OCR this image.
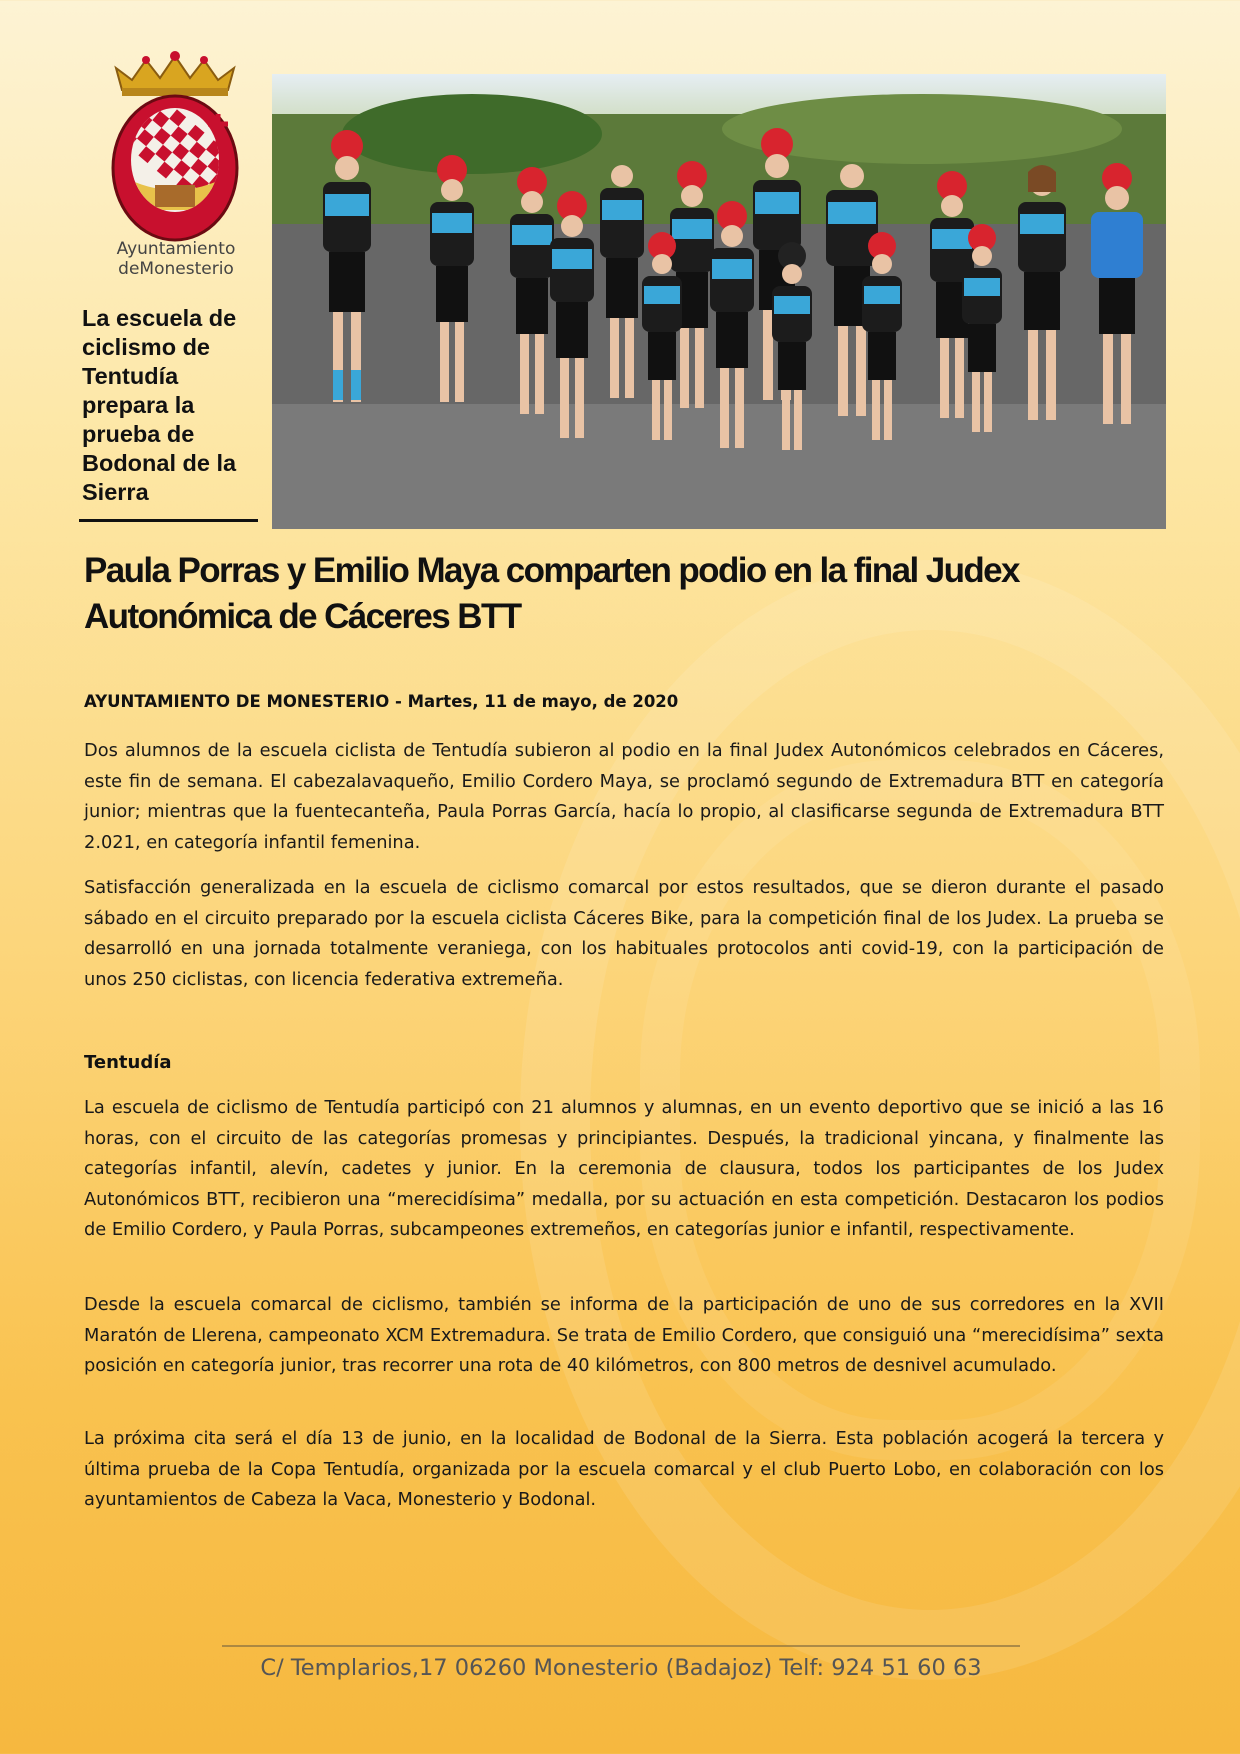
Ayuntamiento
deMonesterio
La escuela de ciclismo de Tentudía prepara la prueba de Bodonal de la Sierra
Paula Porras y Emilio Maya comparten podio en la final Judex Autonómica de Cáceres BTT
AYUNTAMIENTO DE MONESTERIO - Martes, 11 de mayo, de 2020

Dos alumnos de la escuela ciclista de Tentudía subieron al podio en la final Judex Autonómicos celebrados en Cáceres, este fin de semana. El cabezalavaqueño, Emilio Cordero Maya, se proclamó segundo de Extremadura BTT en categoría junior; mientras que la fuentecanteña, Paula Porras García, hacía lo propio, al clasificarse segunda de Extremadura BTT 2.021, en categoría infantil femenina.

Satisfacción generalizada en la escuela de ciclismo comarcal por estos resultados, que se dieron durante el pasado sábado en el circuito preparado por la escuela ciclista Cáceres Bike, para la competición final de los Judex. La prueba se desarrolló en una jornada totalmente veraniega, con los habituales protocolos anti covid-19, con la participación de unos 250 ciclistas, con licencia federativa extremeña.

Tentudía

La escuela de ciclismo de Tentudía participó con 21 alumnos y alumnas, en un evento deportivo que se inició a las 16 horas, con el circuito de las categorías promesas y principiantes. Después, la tradicional yincana, y finalmente las categorías infantil, alevín, cadetes y junior. En la ceremonia de clausura, todos los participantes de los Judex Autonómicos BTT, recibieron una “merecidísima” medalla, por su actuación en esta competición. Destacaron los podios de Emilio Cordero, y Paula Porras, subcampeones extremeños, en categorías junior e infantil, respectivamente.

Desde la escuela comarcal de ciclismo, también se informa de la participación de uno de sus corredores en la XVII Maratón de Llerena, campeonato XCM Extremadura. Se trata de Emilio Cordero, que consiguió una “merecidísima” sexta posición en categoría junior, tras recorrer una rota de 40 kilómetros, con 800 metros de desnivel acumulado.

La próxima cita será el día 13 de junio, en la localidad de Bodonal de la Sierra. Esta población acogerá la tercera y última prueba de la Copa Tentudía, organizada por la escuela comarcal y el club Puerto Lobo, en colaboración con los ayuntamientos de Cabeza la Vaca, Monesterio y Bodonal.

C/ Templarios,17 06260 Monesterio (Badajoz) Telf: 924 51 60 63
